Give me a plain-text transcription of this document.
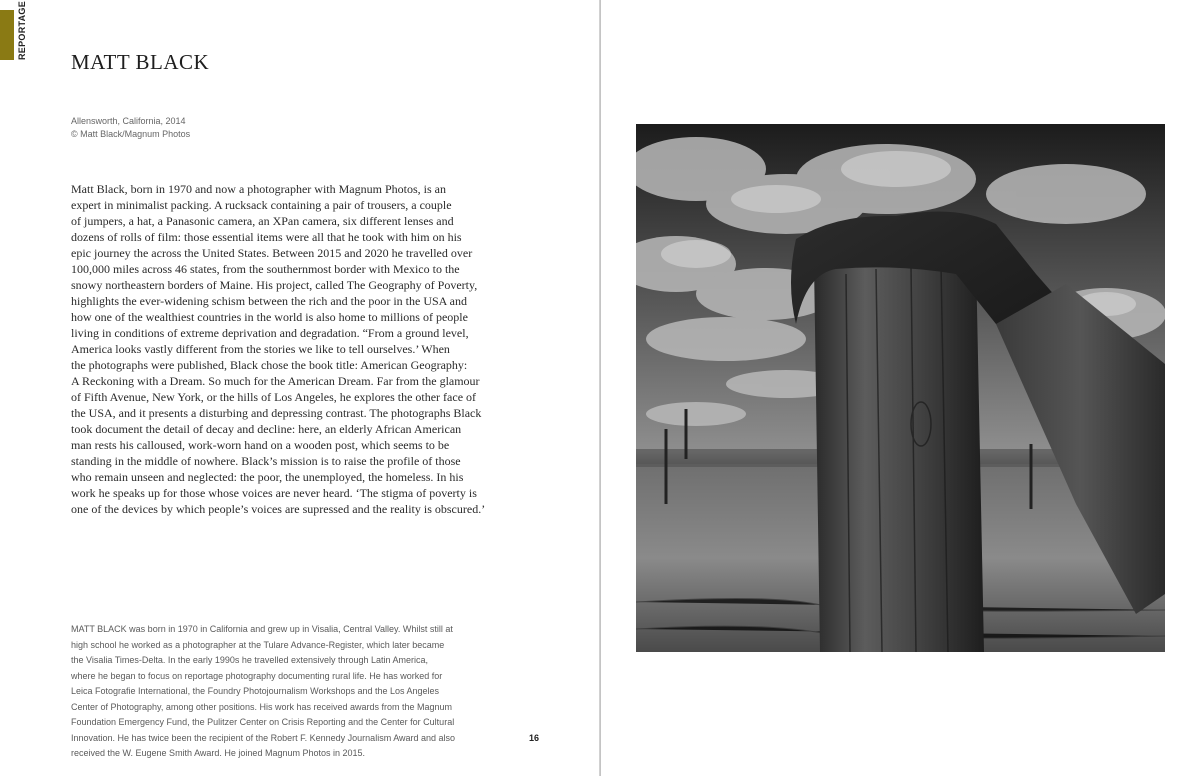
REPORTAGE
MATT BLACK
Allensworth, California, 2014
© Matt Black/Magnum Photos
Matt Black, born in 1970 and now a photographer with Magnum Photos, is an
expert in minimalist packing. A rucksack containing a pair of trousers, a couple
of jumpers, a hat, a Panasonic camera, an XPan camera, six different lenses and
dozens of rolls of film: those essential items were all that he took with him on his
epic journey the across the United States. Between 2015 and 2020 he travelled over
100,000 miles across 46 states, from the southernmost border with Mexico to the
snowy northeastern borders of Maine. His project, called The Geography of Poverty,
highlights the ever-widening schism between the rich and the poor in the USA and
how one of the wealthiest countries in the world is also home to millions of people
living in conditions of extreme deprivation and degradation. “From a ground level,
America looks vastly different from the stories we like to tell ourselves.’ When
the photographs were published, Black chose the book title: American Geography:
A Reckoning with a Dream. So much for the American Dream. Far from the glamour
of Fifth Avenue, New York, or the hills of Los Angeles, he explores the other face of
the USA, and it presents a disturbing and depressing contrast. The photographs Black
took document the detail of decay and decline: here, an elderly African American
man rests his calloused, work-worn hand on a wooden post, which seems to be
standing in the middle of nowhere. Black’s mission is to raise the profile of those
who remain unseen and neglected: the poor, the unemployed, the homeless. In his
work he speaks up for those whose voices are never heard. ‘The stigma of poverty is
one of the devices by which people’s voices are supressed and the reality is obscured.’
MATT BLACK was born in 1970 in California and grew up in Visalia, Central Valley. Whilst still at
high school he worked as a photographer at the Tulare Advance-Register, which later became
the Visalia Times-Delta. In the early 1990s he travelled extensively through Latin America,
where he began to focus on reportage photography documenting rural life. He has worked for
Leica Fotografie International, the Foundry Photojournalism Workshops and the Los Angeles
Center of Photography, among other positions. His work has received awards from the Magnum
Foundation Emergency Fund, the Pulitzer Center on Crisis Reporting and the Center for Cultural
Innovation. He has twice been the recipient of the Robert F. Kennedy Journalism Award and also
received the W. Eugene Smith Award. He joined Magnum Photos in 2015.
16
